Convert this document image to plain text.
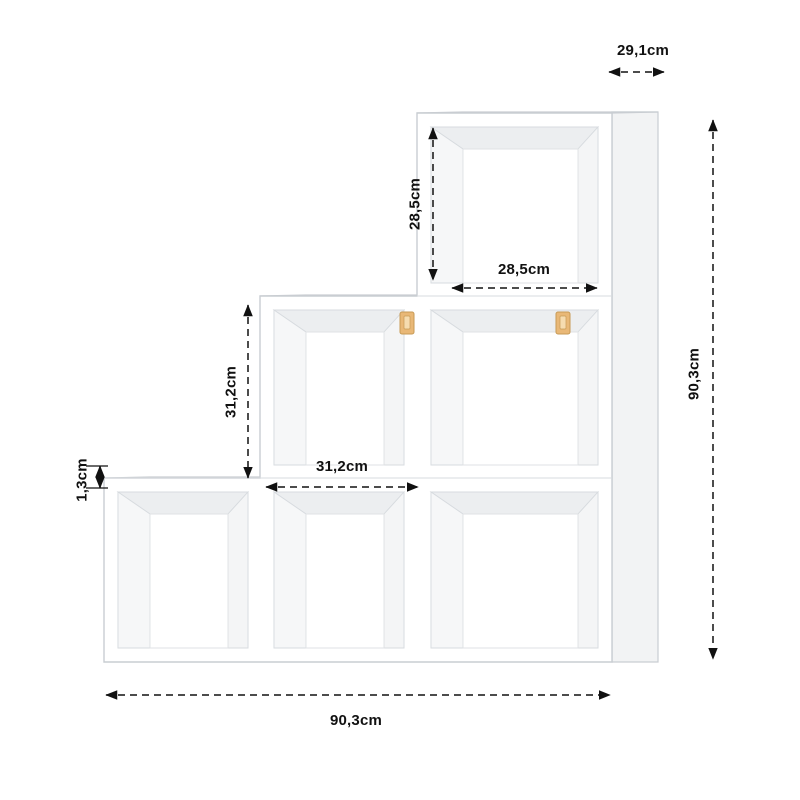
29,1cm
90,3cm
90,3cm
28,5cm
28,5cm
31,2cm
31,2cm
1,3cm
